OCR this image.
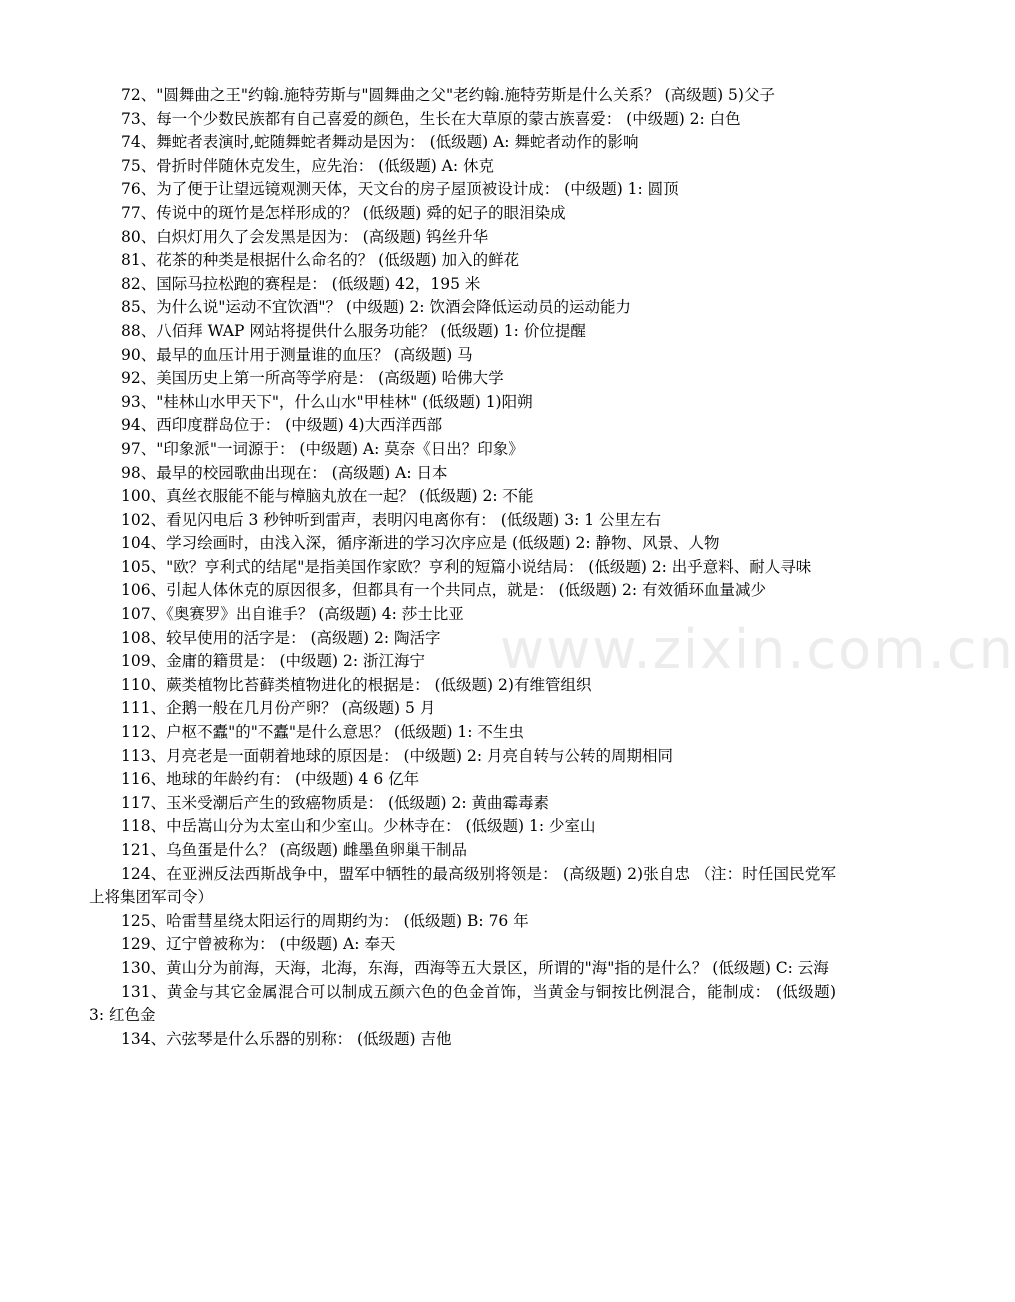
www.zixin.com.cn

72、"圆舞曲之王"约翰.施特劳斯与"圆舞曲之父"老约翰.施特劳斯是什么关系？ (高级题) 5)父子

73、每一个少数民族都有自己喜爱的颜色，生长在大草原的蒙古族喜爱： (中级题) 2: 白色

74、舞蛇者表演时,蛇随舞蛇者舞动是因为： (低级题) A: 舞蛇者动作的影响

75、骨折时伴随休克发生，应先治： (低级题) A: 休克

76、为了便于让望远镜观测天体，天文台的房子屋顶被设计成： (中级题) 1: 圆顶

77、传说中的斑竹是怎样形成的？ (低级题) 舜的妃子的眼泪染成

80、白炽灯用久了会发黑是因为： (高级题) 钨丝升华

81、花茶的种类是根据什么命名的？ (低级题) 加入的鲜花

82、国际马拉松跑的赛程是： (低级题) 42，195 米

85、为什么说"运动不宜饮酒"？ (中级题) 2: 饮酒会降低运动员的运动能力

88、八佰拜 WAP 网站将提供什么服务功能？ (低级题) 1: 价位提醒

90、最早的血压计用于测量谁的血压？ (高级题) 马

92、美国历史上第一所高等学府是： (高级题) 哈佛大学

93、"桂林山水甲天下"，什么山水"甲桂林" (低级题) 1)阳朔

94、西印度群岛位于： (中级题) 4)大西洋西部

97、"印象派"一词源于： (中级题) A: 莫奈《日出？印象》

98、最早的校园歌曲出现在： (高级题) A: 日本

100、真丝衣服能不能与樟脑丸放在一起？ (低级题) 2: 不能

102、看见闪电后 3 秒钟听到雷声，表明闪电离你有： (低级题) 3: 1 公里左右

104、学习绘画时，由浅入深，循序渐进的学习次序应是 (低级题) 2: 静物、风景、人物

105、"欧？亨利式的结尾"是指美国作家欧？亨利的短篇小说结局： (低级题) 2: 出乎意料、耐人寻味

106、引起人体休克的原因很多，但都具有一个共同点，就是： (低级题) 2: 有效循环血量减少

107、《奥赛罗》出自谁手？ (高级题) 4: 莎士比亚

108、较早使用的活字是： (高级题) 2: 陶活字

109、金庸的籍贯是： (中级题) 2: 浙江海宁

110、蕨类植物比苔藓类植物进化的根据是： (低级题) 2)有维管组织

111、企鹅一般在几月份产卵？ (高级题) 5 月

112、户枢不蠹"的"不蠹"是什么意思？ (低级题) 1: 不生虫

113、月亮老是一面朝着地球的原因是： (中级题) 2: 月亮自转与公转的周期相同

116、地球的年龄约有： (中级题) 4 6 亿年

117、玉米受潮后产生的致癌物质是： (低级题) 2: 黄曲霉毒素

118、中岳嵩山分为太室山和少室山。少林寺在： (低级题) 1: 少室山

121、乌鱼蛋是什么？ (高级题) 雌墨鱼卵巢干制品

124、在亚洲反法西斯战争中，盟军中牺牲的最高级别将领是： (高级题) 2)张自忠 （注：时任国民党军上将集团军司令）

125、哈雷彗星绕太阳运行的周期约为： (低级题) B: 76 年

129、辽宁曾被称为： (中级题) A: 奉天

130、黄山分为前海，天海，北海，东海，西海等五大景区，所谓的"海"指的是什么？ (低级题) C: 云海

131、黄金与其它金属混合可以制成五颜六色的色金首饰，当黄金与铜按比例混合，能制成： (低级题) 3: 红色金

134、六弦琴是什么乐器的别称： (低级题) 吉他
